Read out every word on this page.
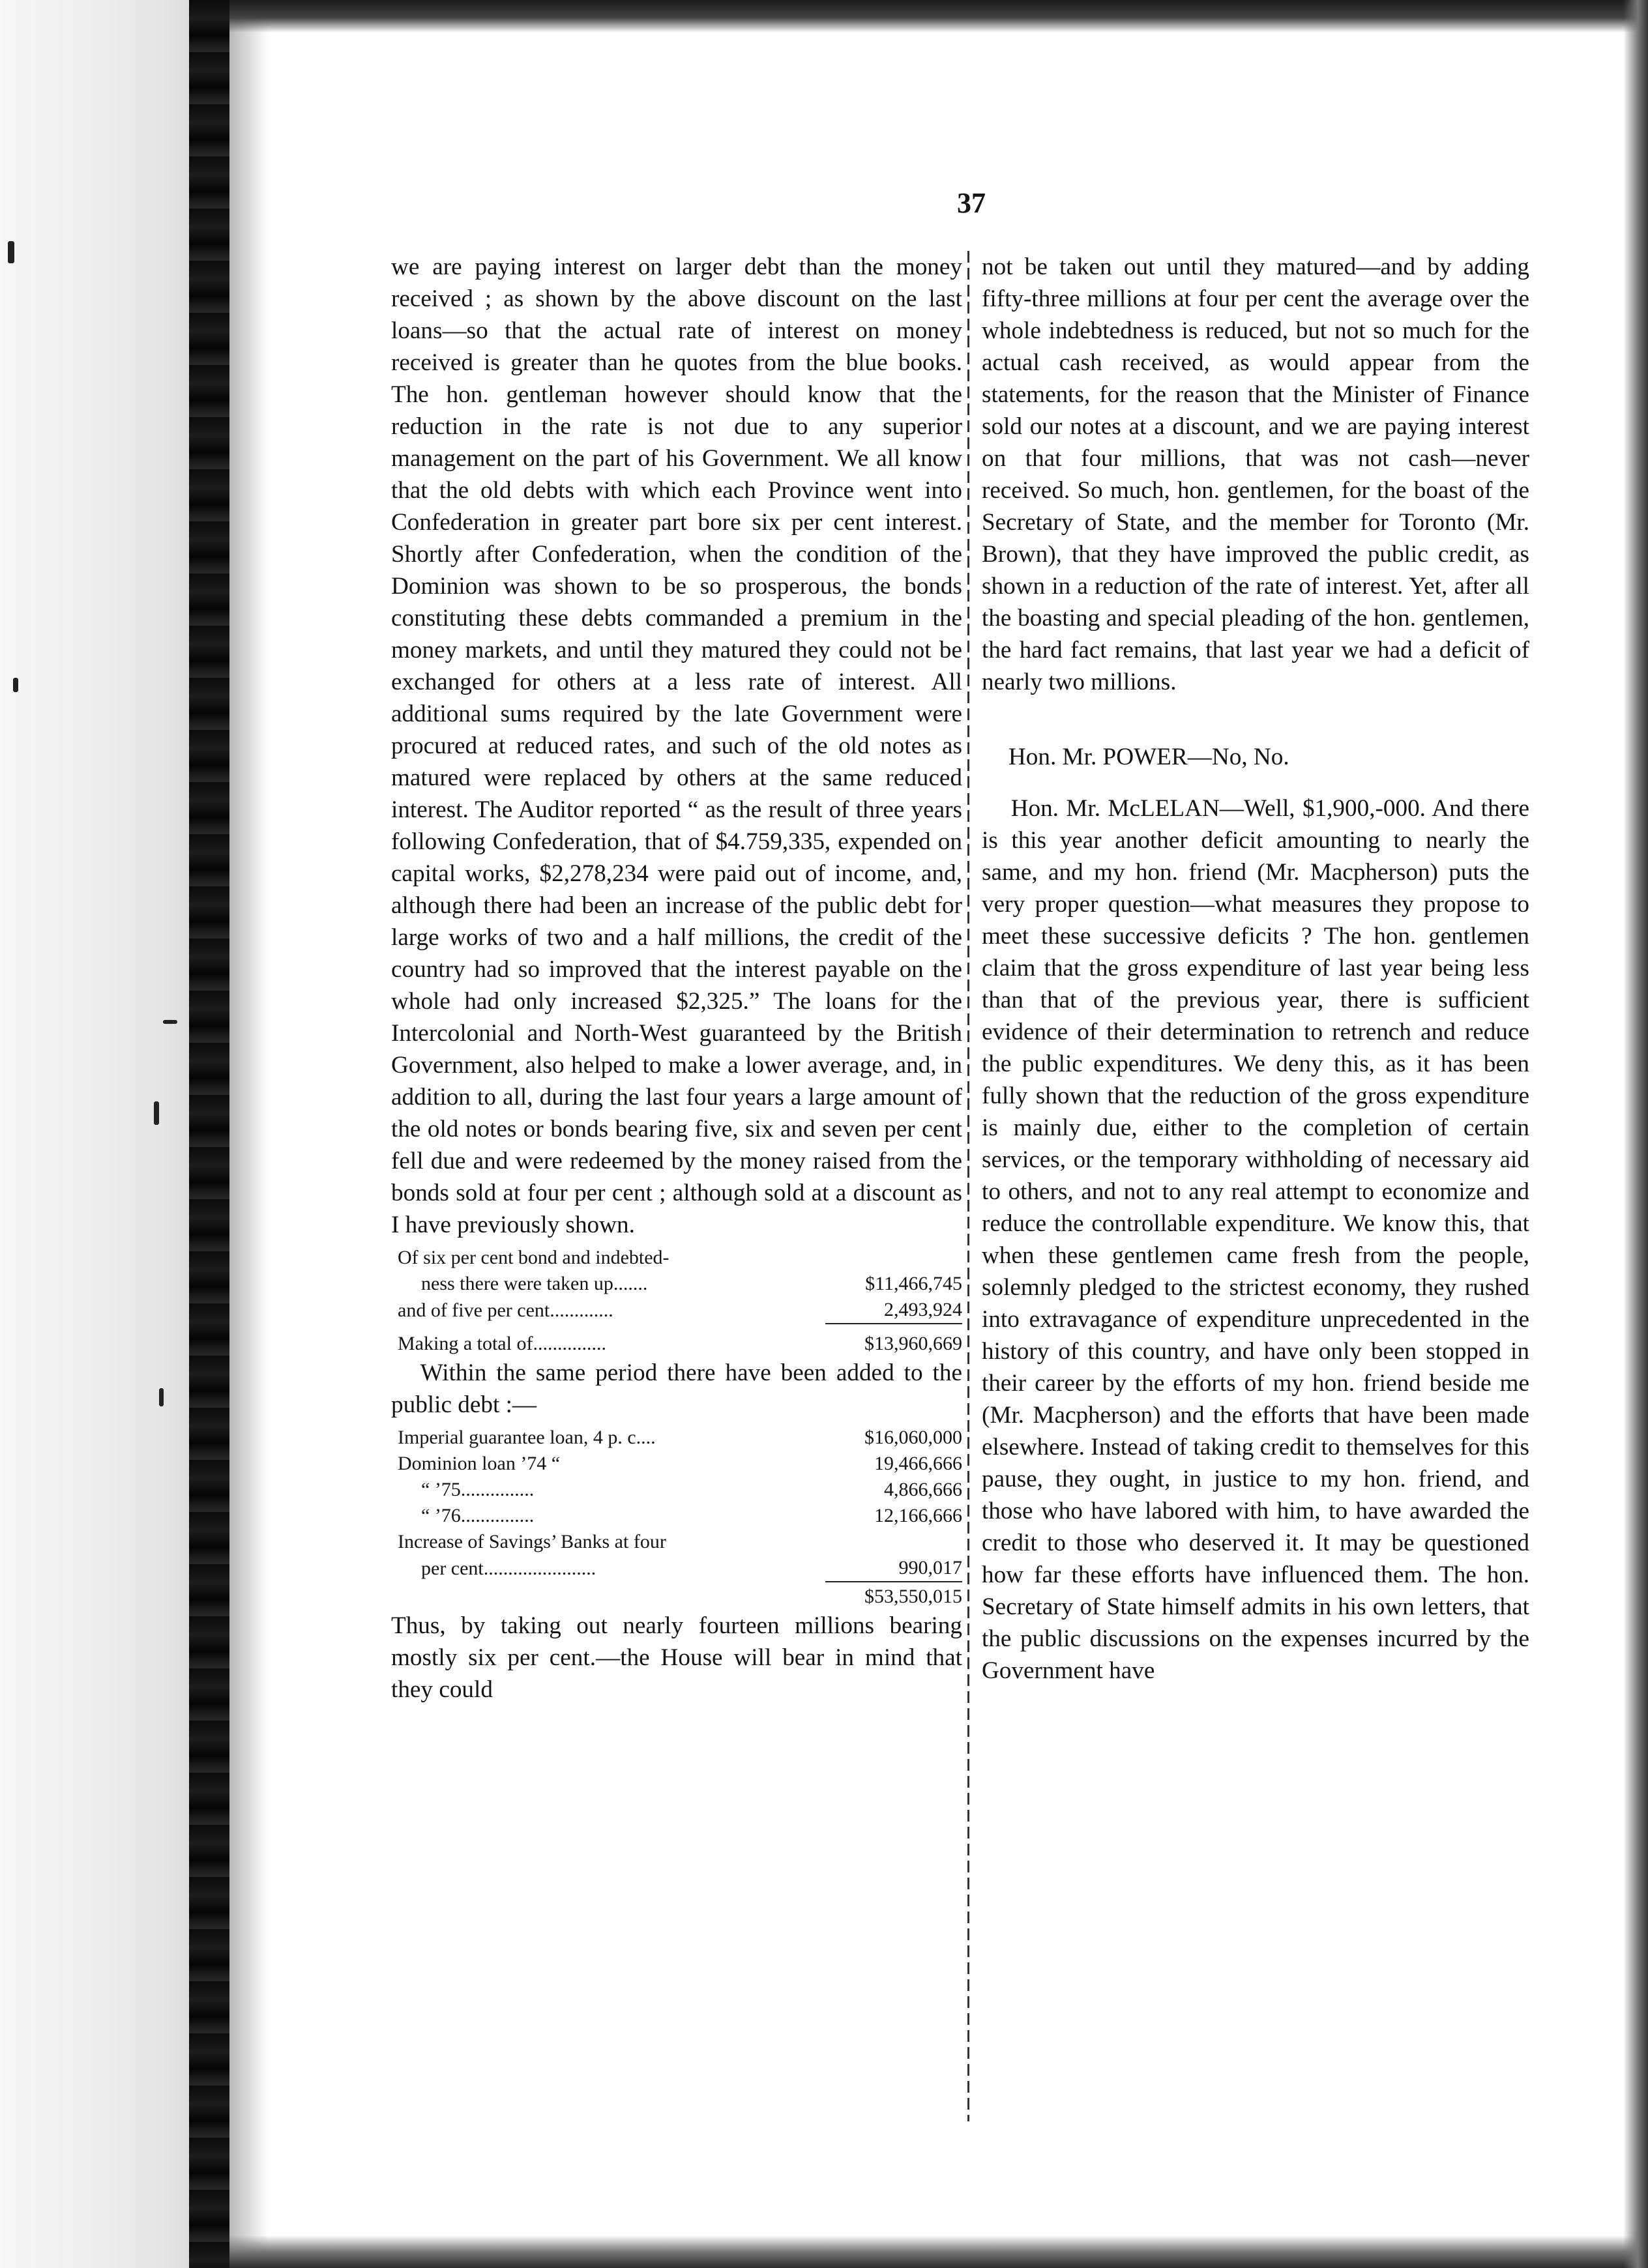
37

we are paying interest on larger debt than the money received ; as shown by the above discount on the last loans—so that the actual rate of interest on money received is greater than he quotes from the blue books. The hon. gentleman however should know that the reduction in the rate is not due to any superior management on the part of his Government. We all know that the old debts with which each Province went into Confederation in greater part bore six per cent interest. Shortly after Confederation, when the condition of the Dominion was shown to be so prosperous, the bonds constituting these debts commanded a premium in the money markets, and until they matured they could not be exchanged for others at a less rate of interest. All additional sums required by the late Government were procured at reduced rates, and such of the old notes as matured were replaced by others at the same reduced interest. The Auditor reported “ as the result of three years following Confederation, that of $4.759,335, expended on capital works, $2,278,234 were paid out of income, and, although there had been an increase of the public debt for large works of two and a half millions, the credit of the country had so improved that the interest payable on the whole had only increased $2,325.” The loans for the Intercolonial and North-West guaranteed by the British Government, also helped to make a lower average, and, in addition to all, during the last four years a large amount of the old notes or bonds bearing five, six and seven per cent fell due and were redeemed by the money raised from the bonds sold at four per cent ; although sold at a discount as I have previously shown.

Of six per cent bond and indebted-	
ness there were taken up.......	$11,466,745
and of five per cent.............	2,493,924
Making a total of...............	$13,960,669

Within the same period there have been added to the public debt :—

Imperial guarantee loan, 4 p. c....	$16,060,000
Dominion loan ’74 “	19,466,666
“ ’75...............	4,866,666
“ ’76...............	12,166,666
Increase of Savings’ Banks at four	
per cent.......................	990,017
	$53,550,015

Thus, by taking out nearly fourteen millions bearing mostly six per cent.—the House will bear in mind that they could

not be taken out until they matured—and by adding fifty-three millions at four per cent the average over the whole indebtedness is reduced, but not so much for the actual cash received, as would appear from the statements, for the reason that the Minister of Finance sold our notes at a discount, and we are paying interest on that four millions, that was not cash—never received. So much, hon. gentlemen, for the boast of the Secretary of State, and the member for Toronto (Mr. Brown), that they have improved the public credit, as shown in a reduction of the rate of interest. Yet, after all the boasting and special pleading of the hon. gentlemen, the hard fact remains, that last year we had a deficit of nearly two millions.

Hon. Mr. POWER—No, No.

Hon. Mr. McLELAN—Well, $1,900,-000. And there is this year another deficit amounting to nearly the same, and my hon. friend (Mr. Macpherson) puts the very proper question—what measures they propose to meet these successive deficits ? The hon. gentlemen claim that the gross expenditure of last year being less than that of the previous year, there is sufficient evidence of their determination to retrench and reduce the public expenditures. We deny this, as it has been fully shown that the reduction of the gross expenditure is mainly due, either to the completion of certain services, or the temporary withholding of necessary aid to others, and not to any real attempt to economize and reduce the controllable expenditure. We know this, that when these gentlemen came fresh from the people, solemnly pledged to the strictest economy, they rushed into extravagance of expenditure unprecedented in the history of this country, and have only been stopped in their career by the efforts of my hon. friend beside me (Mr. Macpherson) and the efforts that have been made elsewhere. Instead of taking credit to themselves for this pause, they ought, in justice to my hon. friend, and those who have labored with him, to have awarded the credit to those who deserved it. It may be questioned how far these efforts have influenced them. The hon. Secretary of State himself admits in his own letters, that the public discussions on the expenses incurred by the Government have
